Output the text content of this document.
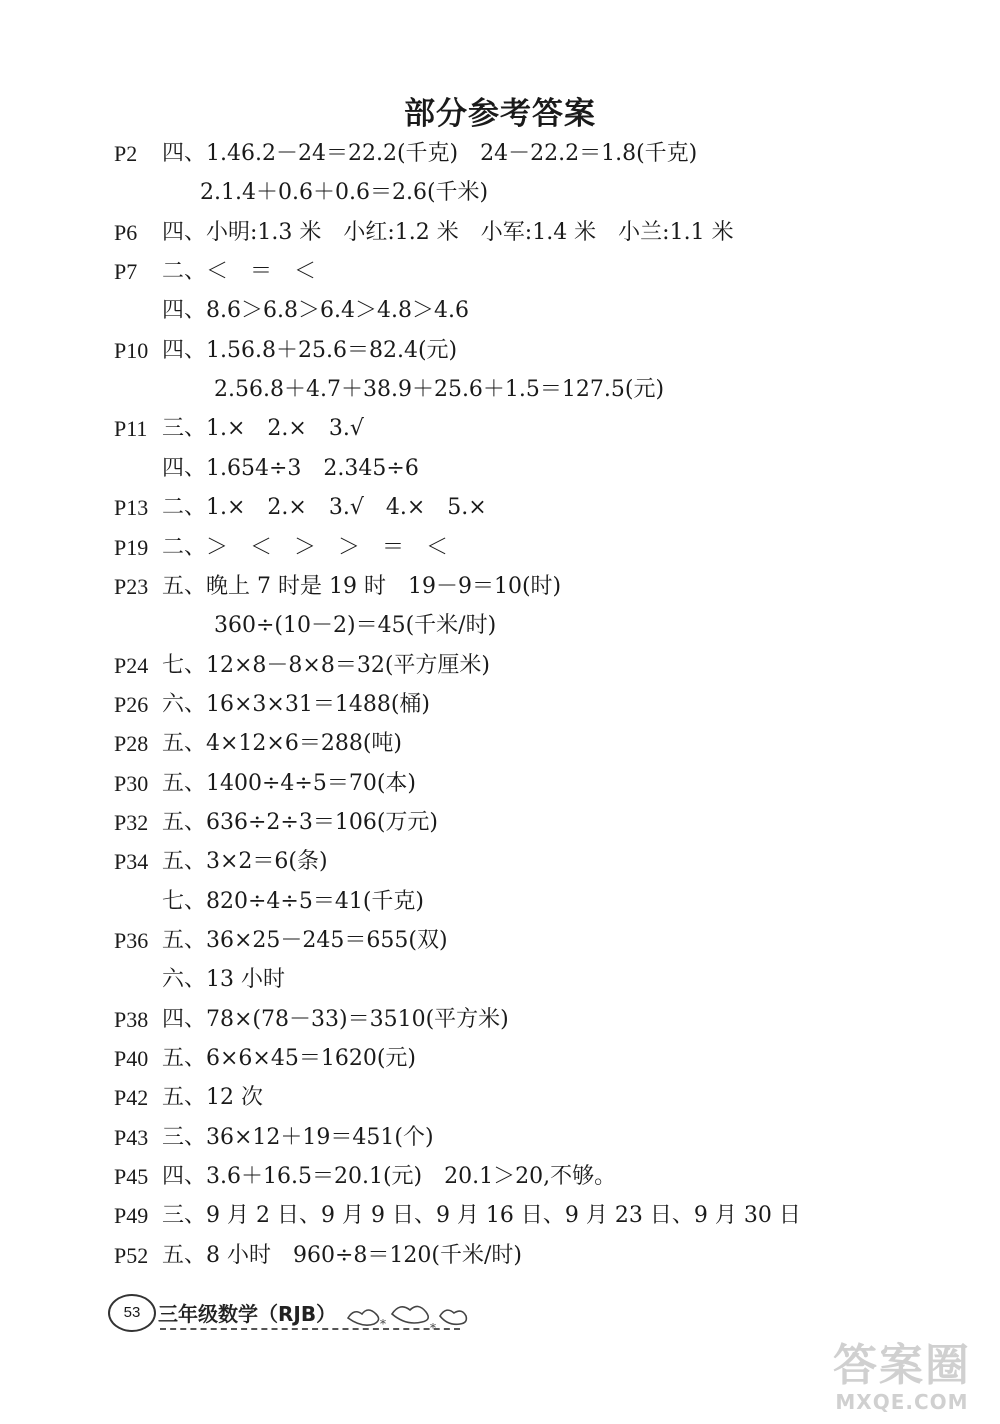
部分参考答案
P2 四、1.46.2－24＝22.2(千克)　24－22.2＝1.8(千克)
2.1.4＋0.6＋0.6＝2.6(千米)
P6 四、小明:1.3 米　小红:1.2 米　小军:1.4 米　小兰:1.1 米
P7 二、＜　＝　＜
四、8.6＞6.8＞6.4＞4.8＞4.6
P10 四、1.56.8＋25.6＝82.4(元)
2.56.8＋4.7＋38.9＋25.6＋1.5＝127.5(元)
P11 三、1.×　2.×　3.√
四、1.654÷3　2.345÷6
P13 二、1.×　2.×　3.√　4.×　5.×
P19 二、＞　＜　＞　＞　＝　＜
P23 五、晚上 7 时是 19 时　19－9＝10(时)
360÷(10－2)＝45(千米/时)
P24 七、12×8－8×8＝32(平方厘米)
P26 六、16×3×31＝1488(桶)
P28 五、4×12×6＝288(吨)
P30 五、1400÷4÷5＝70(本)
P32 五、636÷2÷3＝106(万元)
P34 五、3×2＝6(条)
七、820÷4÷5＝41(千克)
P36 五、36×25－245＝655(双)
六、13 小时
P38 四、78×(78－33)＝3510(平方米)
P40 五、6×6×45＝1620(元)
P42 五、12 次
P43 三、36×12＋19＝451(个)
P45 四、3.6＋16.5＝20.1(元)　20.1＞20,不够。
P49 三、9 月 2 日、9 月 9 日、9 月 16 日、9 月 23 日、9 月 30 日
P52 五、8 小时　960÷8＝120(千米/时)
53 三年级数学（RJB）	*	*
答案圈
MXQE.COM
